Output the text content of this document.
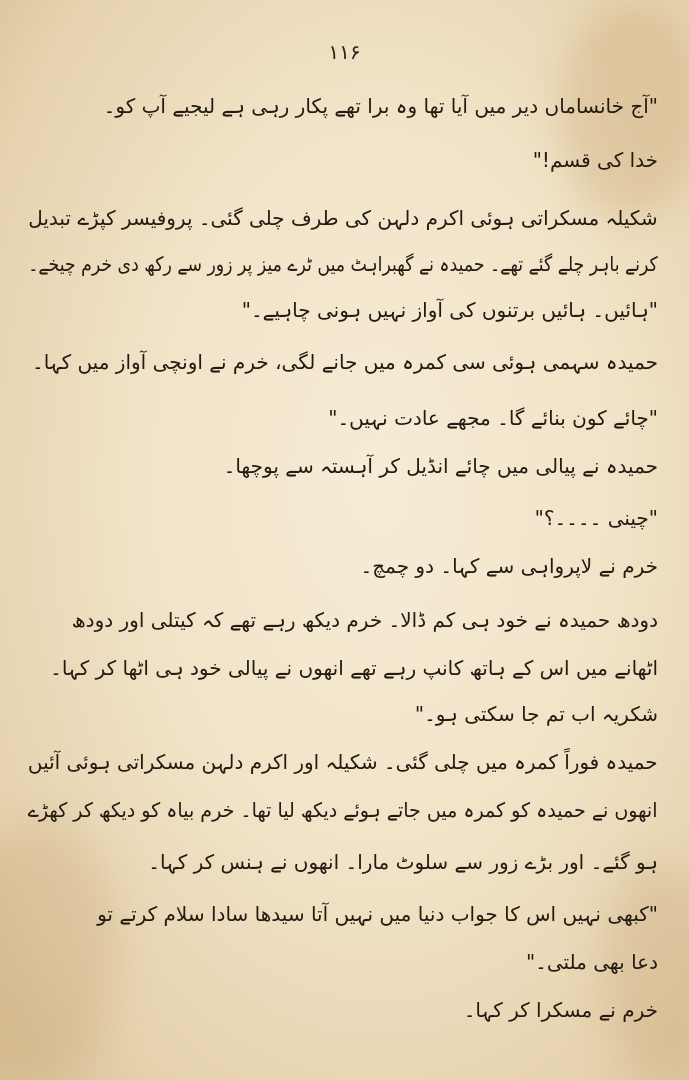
۱۱۶
"آج خانساماں دیر میں آیا تھا وہ برا تھے پکار رہی ہے لیجیے آپ کو۔
خدا کی قسم!"
شکیلہ مسکراتی ہوئی اکرم دلہن کی طرف چلی گئی۔ پروفیسر کپڑے تبدیل
کرنے باہر چلے گئے تھے۔ حمیدہ نے گھبراہٹ میں ٹرے میز پر زور سے رکھ دی خرم چیخے۔
"ہائیں۔ ہائیں برتنوں کی آواز نہیں ہونی چاہیے۔"
حمیدہ سہمی ہوئی سی کمرہ میں جانے لگی، خرم نے اونچی آواز میں کہا۔
"چائے کون بنائے گا۔ مجھے عادت نہیں۔"
حمیدہ نے پیالی میں چائے انڈیل کر آہستہ سے پوچھا۔
"چینی ۔۔۔۔؟"
خرم نے لاپرواہی سے کہا۔ دو چمچ۔
دودھ حمیدہ نے خود ہی کم ڈالا۔ خرم دیکھ رہے تھے کہ کیتلی اور دودھ
اٹھانے میں اس کے ہاتھ کانپ رہے تھے انھوں نے پیالی خود ہی اٹھا کر کہا۔
شکریہ اب تم جا سکتی ہو۔"
حمیدہ فوراً کمرہ میں چلی گئی۔ شکیلہ اور اکرم دلہن مسکراتی ہوئی آئیں
انھوں نے حمیدہ کو کمرہ میں جاتے ہوئے دیکھ لیا تھا۔ خرم بیاہ کو دیکھ کر کھڑے
ہو گئے۔ اور بڑے زور سے سلوٹ مارا۔ انھوں نے ہنس کر کہا۔
"کبھی نہیں اس کا جواب دنیا میں نہیں آتا سیدھا سادا سلام کرتے تو
دعا بھی ملتی۔"
خرم نے مسکرا کر کہا۔
